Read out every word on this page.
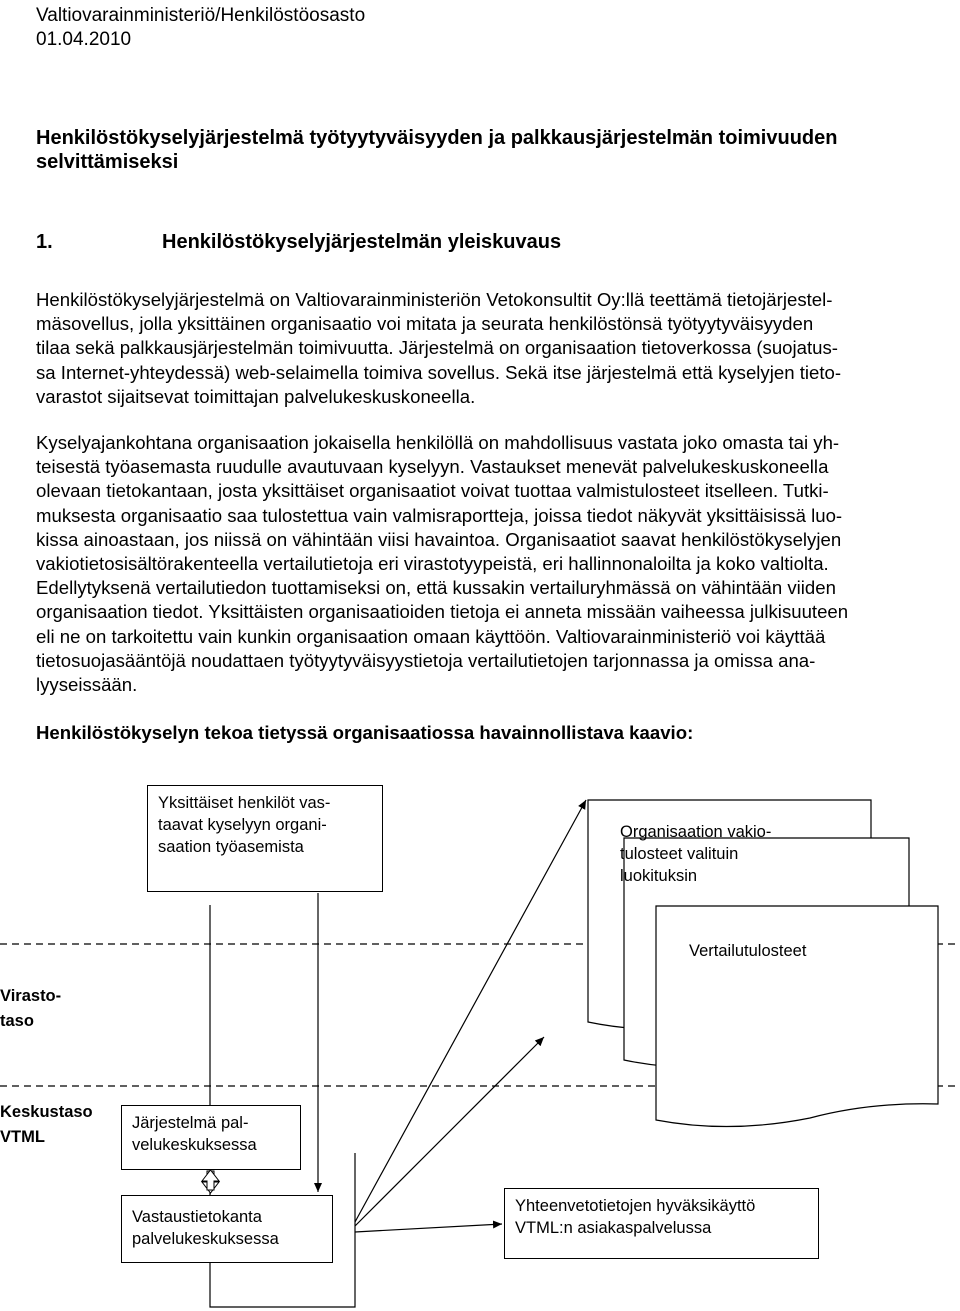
Valtiovarainministeriö/Henkilöstöosasto
01.04.2010
Henkilöstökyselyjärjestelmä työtyytyväisyyden ja palkkausjärjestelmän toimivuuden selvittämiseksi
1.	Henkilöstökyselyjärjestelmän yleiskuvaus
Henkilöstökyselyjärjestelmä on Valtiovarainministeriön Vetokonsultit Oy:llä teettämä tietojärjestel-
mäsovellus, jolla yksittäinen organisaatio voi mitata ja seurata henkilöstönsä työtyytyväisyyden
tilaa sekä palkkausjärjestelmän toimivuutta. Järjestelmä on organisaation tietoverkossa (suojatus-
sa Internet-yhteydessä) web-selaimella toimiva sovellus. Sekä itse järjestelmä että kyselyjen tieto-
varastot sijaitsevat toimittajan palvelukeskuskoneella.
Kyselyajankohtana organisaation jokaisella henkilöllä on mahdollisuus vastata joko omasta tai yh-
teisestä työasemasta ruudulle avautuvaan kyselyyn. Vastaukset menevät palvelukeskuskoneella
olevaan tietokantaan, josta yksittäiset organisaatiot voivat tuottaa valmistulosteet itselleen. Tutki-
muksesta organisaatio saa tulostettua vain valmisraportteja, joissa tiedot näkyvät yksittäisissä luo-
kissa ainoastaan, jos niissä on vähintään viisi havaintoa. Organisaatiot saavat henkilöstökyselyjen
vakiotietosisältörakenteella vertailutietoja eri virastotyypeistä, eri hallinnonaloilta ja koko valtiolta.
Edellytyksenä vertailutiedon tuottamiseksi on, että kussakin vertailuryhmässä on vähintään viiden
organisaation tiedot. Yksittäisten organisaatioiden tietoja ei anneta missään vaiheessa julkisuuteen
eli ne on tarkoitettu vain kunkin organisaation omaan käyttöön. Valtiovarainministeriö voi käyttää
tietosuojasääntöjä noudattaen työtyytyväisyystietoja vertailutietojen tarjonnassa ja omissa ana-
lyyseissään.
Henkilöstökyselyn tekoa tietyssä organisaatiossa havainnollistava kaavio:
Yksittäiset henkilöt vas-
taavat kyselyyn organi-
saation työasemista
Organisaation vakio-
tulosteet valituin
luokituksin
Vertailutulosteet
Virasto-
taso
Keskustaso
VTML
Järjestelmä pal-
velukeskuksessa
Vastaustietokanta
palvelukeskuksessa
Yhteenvetotietojen hyväksikäyttö
VTML:n asiakaspalvelussa
